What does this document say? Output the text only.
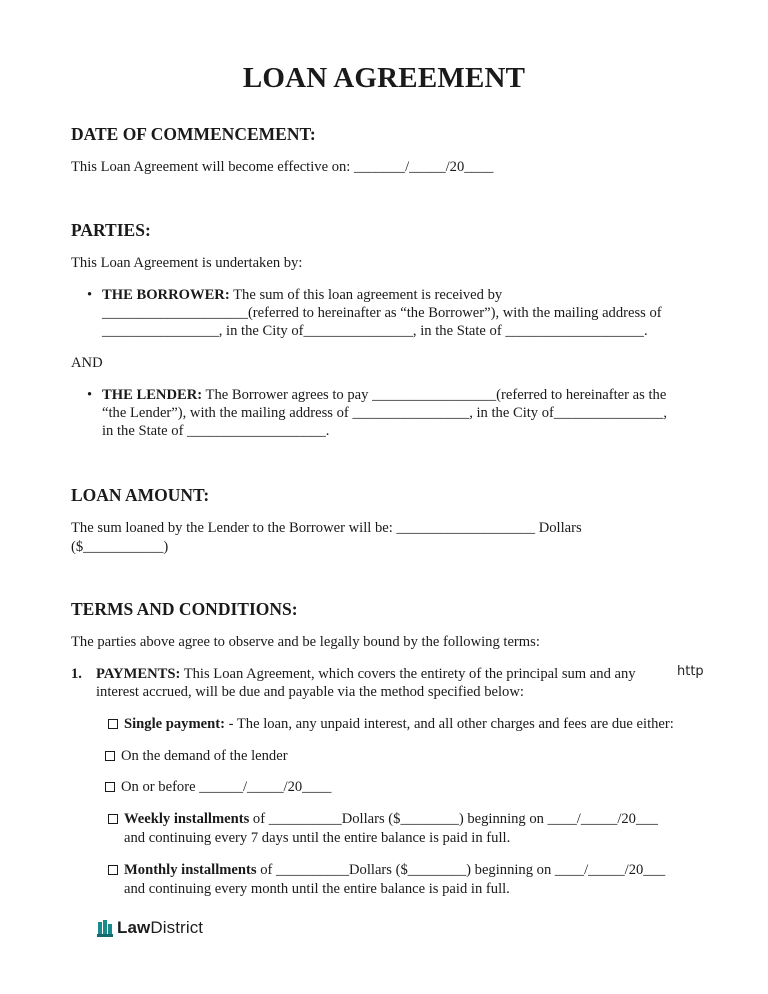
LOAN AGREEMENT
DATE OF COMMENCEMENT:
This Loan Agreement will become effective on: _______/_____/20____
PARTIES:
This Loan Agreement is undertaken by:
• THE BORROWER: The sum of this loan agreement is received by
____________________(referred to hereinafter as “the Borrower”), with the mailing address of
________________, in the City of_______________, in the State of ___________________.
AND
• THE LENDER: The Borrower agrees to pay _________________(referred to hereinafter as the
“the Lender”), with the mailing address of ________________, in the City of_______________,
in the State of ___________________.
LOAN AMOUNT:
The sum loaned by the Lender to the Borrower will be: ___________________ Dollars
($___________)
TERMS AND CONDITIONS:
The parties above agree to observe and be legally bound by the following terms:
1. PAYMENTS: This Loan Agreement, which covers the entirety of the principal sum and any
interest accrued, will be due and payable via the method specified below:
http
Single payment: - The loan, any unpaid interest, and all other charges and fees are due either:
On the demand of the lender
On or before ______/_____/20____
Weekly installments of __________Dollars ($________) beginning on ____/_____/20___
and continuing every 7 days until the entire balance is paid in full.
Monthly installments of __________Dollars ($________) beginning on ____/_____/20___
and continuing every month until the entire balance is paid in full.
LawDistrict
